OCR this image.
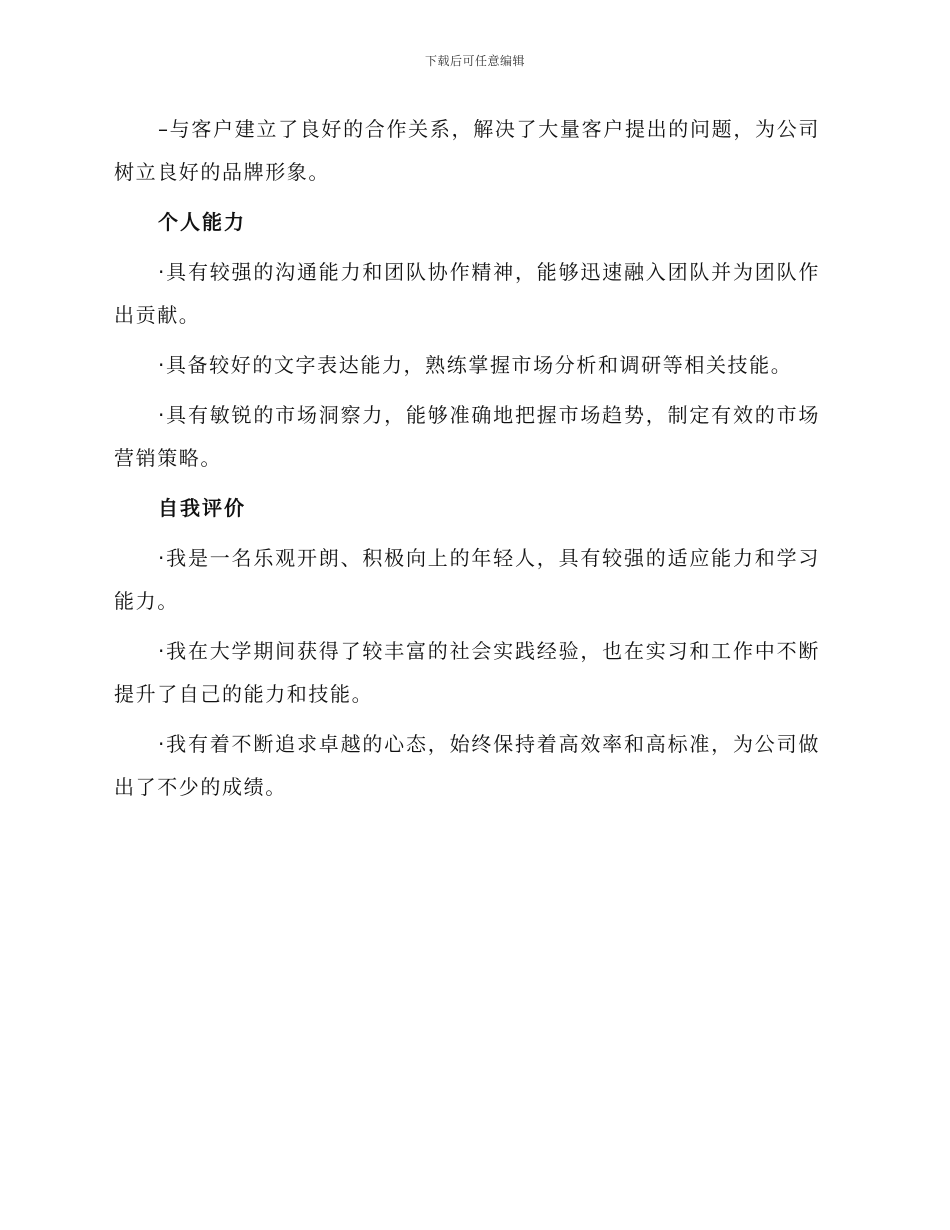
下载后可任意编辑

–与客户建立了良好的合作关系，解决了大量客户提出的问题，为公司树立良好的品牌形象。

个人能力

·具有较强的沟通能力和团队协作精神，能够迅速融入团队并为团队作出贡献。

·具备较好的文字表达能力，熟练掌握市场分析和调研等相关技能。

·具有敏锐的市场洞察力，能够准确地把握市场趋势，制定有效的市场营销策略。

自我评价

·我是一名乐观开朗、积极向上的年轻人，具有较强的适应能力和学习能力。

·我在大学期间获得了较丰富的社会实践经验，也在实习和工作中不断提升了自己的能力和技能。

·我有着不断追求卓越的心态，始终保持着高效率和高标准，为公司做出了不少的成绩。
